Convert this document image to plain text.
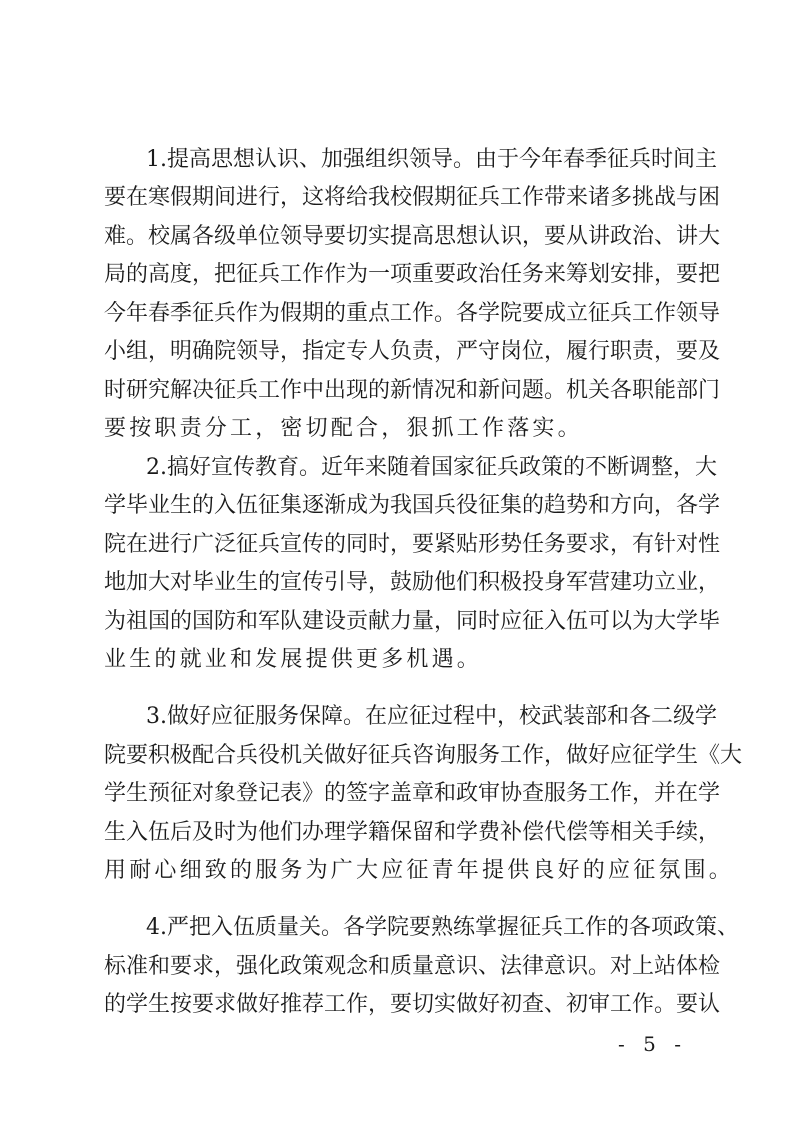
1.提高思想认识、加强组织领导。由于今年春季征兵时间主
要在寒假期间进行，这将给我校假期征兵工作带来诸多挑战与困
难。校属各级单位领导要切实提高思想认识，要从讲政治、讲大
局的高度，把征兵工作作为一项重要政治任务来筹划安排，要把
今年春季征兵作为假期的重点工作。各学院要成立征兵工作领导
小组，明确院领导，指定专人负责，严守岗位，履行职责，要及
时研究解决征兵工作中出现的新情况和新问题。机关各职能部门
要按职责分工，密切配合，狠抓工作落实。
2.搞好宣传教育。近年来随着国家征兵政策的不断调整，大
学毕业生的入伍征集逐渐成为我国兵役征集的趋势和方向，各学
院在进行广泛征兵宣传的同时，要紧贴形势任务要求，有针对性
地加大对毕业生的宣传引导，鼓励他们积极投身军营建功立业，
为祖国的国防和军队建设贡献力量，同时应征入伍可以为大学毕
业生的就业和发展提供更多机遇。
3.做好应征服务保障。在应征过程中，校武装部和各二级学
院要积极配合兵役机关做好征兵咨询服务工作，做好应征学生《大
学生预征对象登记表》的签字盖章和政审协查服务工作，并在学
生入伍后及时为他们办理学籍保留和学费补偿代偿等相关手续，
用耐心细致的服务为广大应征青年提供良好的应征氛围。
4.严把入伍质量关。各学院要熟练掌握征兵工作的各项政策、
标准和要求，强化政策观念和质量意识、法律意识。对上站体检
的学生按要求做好推荐工作，要切实做好初查、初审工作。要认
- 5 -
